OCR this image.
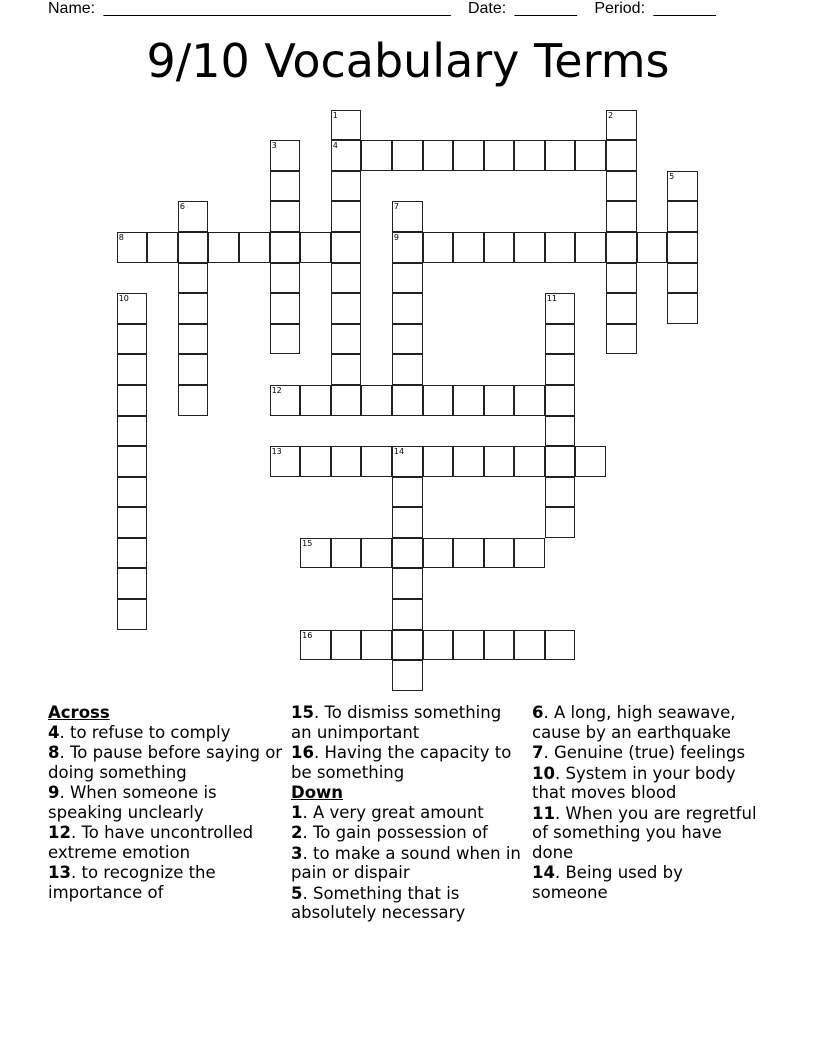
Name: _______________________________________ Date: _______ Period: _______
9/10 Vocabulary Terms
1
4
2
3
5
6	7
9
8
10	11
12
13	14
15
16
Across
4. to refuse to comply
8. To pause before saying or doing something
9. When someone is speaking unclearly
12. To have uncontrolled extreme emotion
13. to recognize the importance of
15. To dismiss something an unimportant
16. Having the capacity to be something
Down
1. A very great amount
2. To gain possession of
3. to make a sound when in pain or dispair
5. Something that is absolutely necessary
6. A long, high seawave, cause by an earthquake
7. Genuine (true) feelings
10. System in your body that moves blood
11. When you are regretful of something you have done
14. Being used by someone
